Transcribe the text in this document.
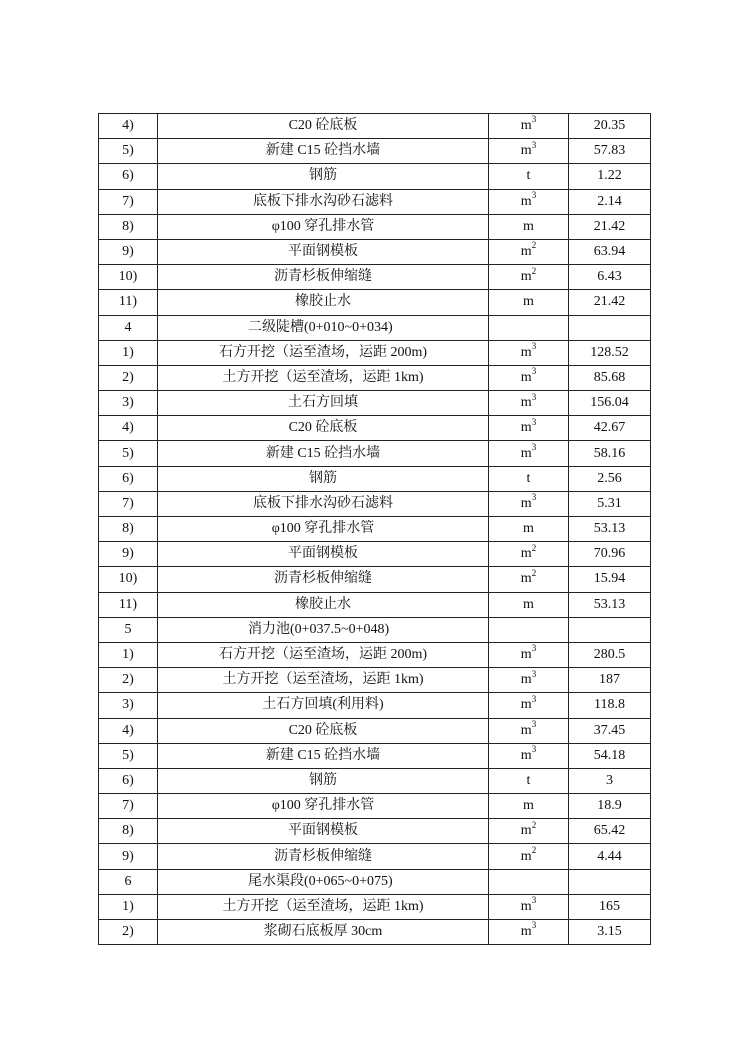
4)	C20 砼底板	$m^3$	20.35
5)	新建 C15 砼挡水墙	$m^3$	57.83
6)	钢筋	t	1.22
7)	底板下排水沟砂石滤料	$m^3$	2.14
8)	φ100 穿孔排水管	m	21.42
9)	平面钢模板	$m^2$	63.94
10)	沥青杉板伸缩缝	$m^2$	6.43
11)	橡胶止水	m	21.42
4	二级陡槽(0+010~0+034)		
1)	石方开挖（运至渣场，运距 200m)	$m^3$	128.52
2)	土方开挖（运至渣场，运距 1km)	$m^3$	85.68
3)	土石方回填	$m^3$	156.04
4)	C20 砼底板	$m^3$	42.67
5)	新建 C15 砼挡水墙	$m^3$	58.16
6)	钢筋	t	2.56
7)	底板下排水沟砂石滤料	$m^3$	5.31
8)	φ100 穿孔排水管	m	53.13
9)	平面钢模板	$m^2$	70.96
10)	沥青杉板伸缩缝	$m^2$	15.94
11)	橡胶止水	m	53.13
5	消力池(0+037.5~0+048)		
1)	石方开挖（运至渣场，运距 200m)	$m^3$	280.5
2)	土方开挖（运至渣场，运距 1km)	$m^3$	187
3)	土石方回填(利用料)	$m^3$	118.8
4)	C20 砼底板	$m^3$	37.45
5)	新建 C15 砼挡水墙	$m^3$	54.18
6)	钢筋	t	3
7)	φ100 穿孔排水管	m	18.9
8)	平面钢模板	$m^2$	65.42
9)	沥青杉板伸缩缝	$m^2$	4.44
6	尾水渠段(0+065~0+075)		
1)	土方开挖（运至渣场，运距 1km)	$m^3$	165
2)	浆砌石底板厚 30cm	$m^3$	3.15
